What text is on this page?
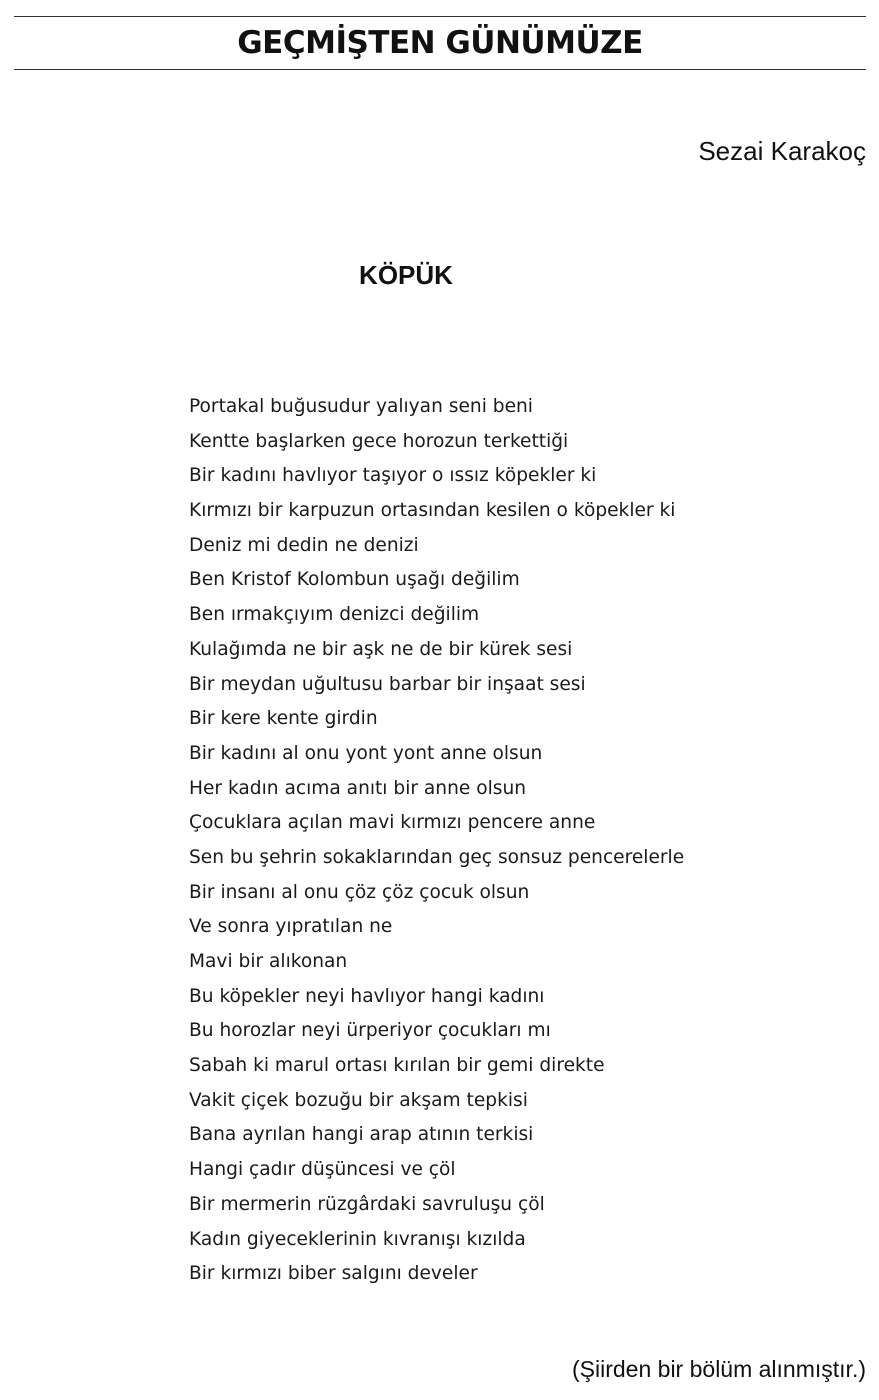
GEÇMİŞTEN GÜNÜMÜZE

Sezai Karakoç

KÖPÜK
Portakal buğusudur yalıyan seni beni
Kentte başlarken gece horozun terkettiği
Bir kadını havlıyor taşıyor o ıssız köpekler ki
Kırmızı bir karpuzun ortasından kesilen o köpekler ki
Deniz mi dedin ne denizi
Ben Kristof Kolombun uşağı değilim
Ben ırmakçıyım denizci değilim
Kulağımda ne bir aşk ne de bir kürek sesi
Bir meydan uğultusu barbar bir inşaat sesi
Bir kere kente girdin
Bir kadını al onu yont yont anne olsun
Her kadın acıma anıtı bir anne olsun
Çocuklara açılan mavi kırmızı pencere anne
Sen bu şehrin sokaklarından geç sonsuz pencerelerle
Bir insanı al onu çöz çöz çocuk olsun
Ve sonra yıpratılan ne
Mavi bir alıkonan
Bu köpekler neyi havlıyor hangi kadını
Bu horozlar neyi ürperiyor çocukları mı
Sabah ki marul ortası kırılan bir gemi direkte
Vakit çiçek bozuğu bir akşam tepkisi
Bana ayrılan hangi arap atının terkisi
Hangi çadır düşüncesi ve çöl
Bir mermerin rüzgârdaki savruluşu çöl
Kadın giyeceklerinin kıvranışı kızılda
Bir kırmızı biber salgını develer

(Şiirden bir bölüm alınmıştır.)
